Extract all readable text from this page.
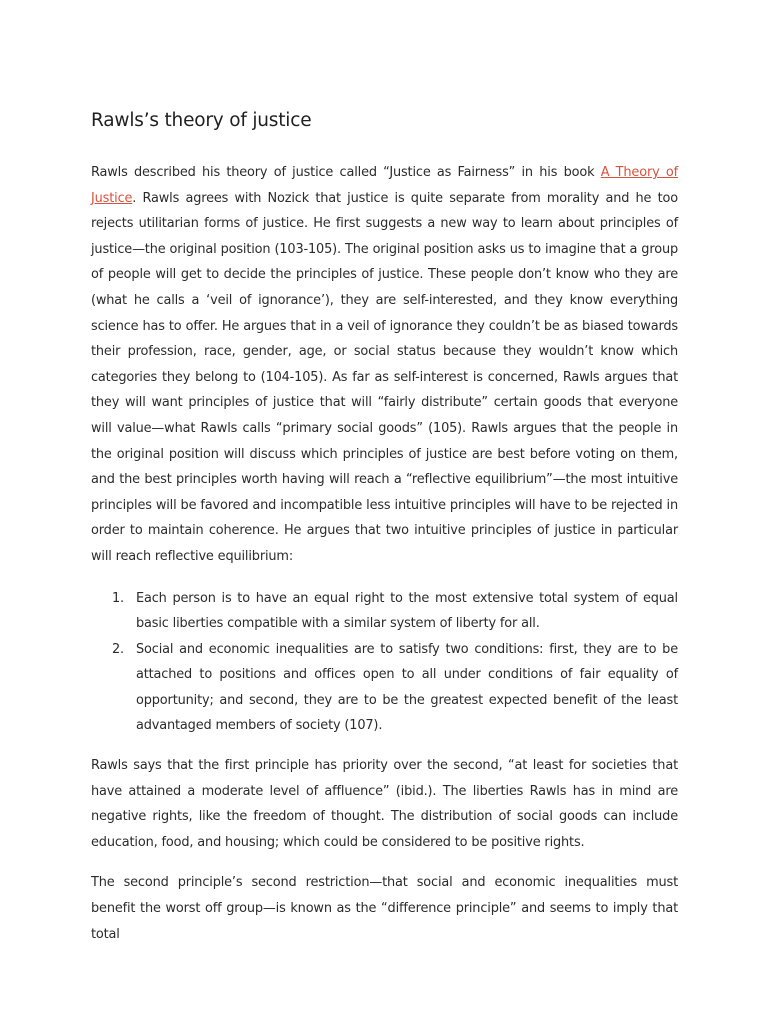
Rawls’s theory of justice

Rawls described his theory of justice called “Justice as Fairness” in his book A Theory of Justice. Rawls agrees with Nozick that justice is quite separate from morality and he too rejects utilitarian forms of justice. He first suggests a new way to learn about principles of justice—the original position (103-105). The original position asks us to imagine that a group of people will get to decide the principles of justice. These people don’t know who they are (what he calls a ‘veil of ignorance’), they are self-interested, and they know everything science has to offer. He argues that in a veil of ignorance they couldn’t be as biased towards their profession, race, gender, age, or social status because they wouldn’t know which categories they belong to (104-105). As far as self-interest is concerned, Rawls argues that they will want principles of justice that will “fairly distribute” certain goods that everyone will value—what Rawls calls “primary social goods” (105). Rawls argues that the people in the original position will discuss which principles of justice are best before voting on them, and the best principles worth having will reach a “reflective equilibrium”—the most intuitive principles will be favored and incompatible less intuitive principles will have to be rejected in order to maintain coherence. He argues that two intuitive principles of justice in particular will reach reflective equilibrium:

1. Each person is to have an equal right to the most extensive total system of equal basic liberties compatible with a similar system of liberty for all.
2. Social and economic inequalities are to satisfy two conditions: first, they are to be attached to positions and offices open to all under conditions of fair equality of opportunity; and second, they are to be the greatest expected benefit of the least advantaged members of society (107).

Rawls says that the first principle has priority over the second, “at least for societies that have attained a moderate level of affluence” (ibid.). The liberties Rawls has in mind are negative rights, like the freedom of thought. The distribution of social goods can include education, food, and housing; which could be considered to be positive rights.

The second principle’s second restriction—that social and economic inequalities must benefit the worst off group—is known as the “difference principle” and seems to imply that total
